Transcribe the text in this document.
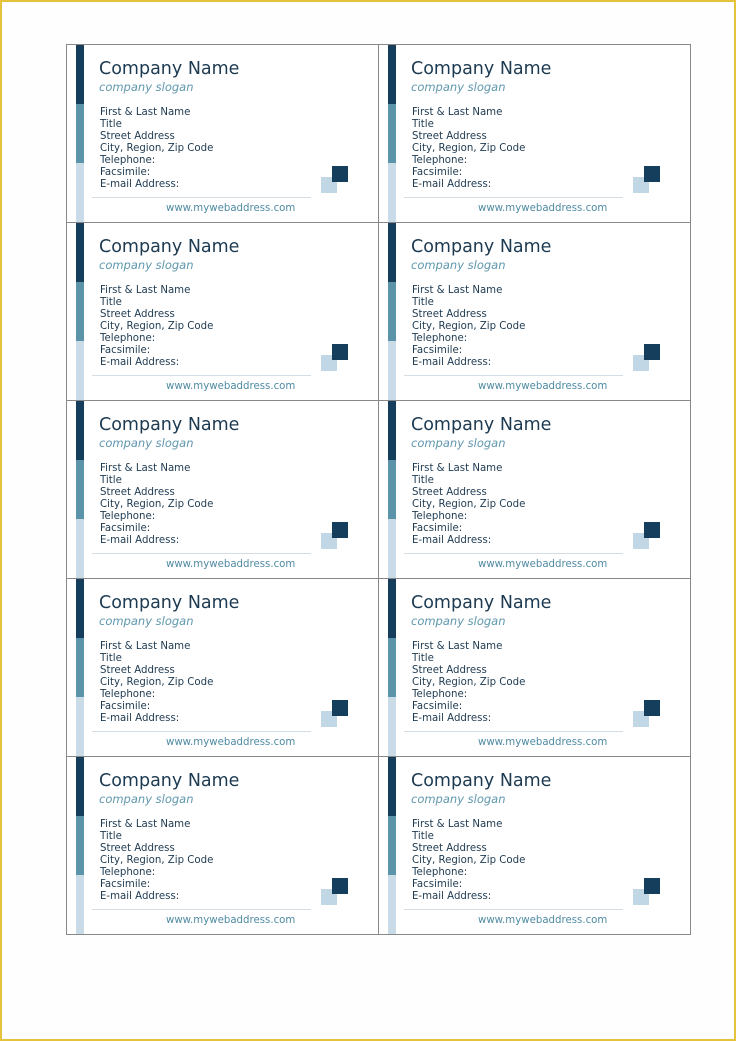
Company Name
company slogan
First & Last Name
Title
Street Address
City, Region, Zip Code
Telephone:
Facsimile:
E-mail Address:
www.mywebaddress.com
Company Name
company slogan
First & Last Name
Title
Street Address
City, Region, Zip Code
Telephone:
Facsimile:
E-mail Address:
www.mywebaddress.com
Company Name
company slogan
First & Last Name
Title
Street Address
City, Region, Zip Code
Telephone:
Facsimile:
E-mail Address:
www.mywebaddress.com
Company Name
company slogan
First & Last Name
Title
Street Address
City, Region, Zip Code
Telephone:
Facsimile:
E-mail Address:
www.mywebaddress.com
Company Name
company slogan
First & Last Name
Title
Street Address
City, Region, Zip Code
Telephone:
Facsimile:
E-mail Address:
www.mywebaddress.com
Company Name
company slogan
First & Last Name
Title
Street Address
City, Region, Zip Code
Telephone:
Facsimile:
E-mail Address:
www.mywebaddress.com
Company Name
company slogan
First & Last Name
Title
Street Address
City, Region, Zip Code
Telephone:
Facsimile:
E-mail Address:
www.mywebaddress.com
Company Name
company slogan
First & Last Name
Title
Street Address
City, Region, Zip Code
Telephone:
Facsimile:
E-mail Address:
www.mywebaddress.com
Company Name
company slogan
First & Last Name
Title
Street Address
City, Region, Zip Code
Telephone:
Facsimile:
E-mail Address:
www.mywebaddress.com
Company Name
company slogan
First & Last Name
Title
Street Address
City, Region, Zip Code
Telephone:
Facsimile:
E-mail Address:
www.mywebaddress.com
